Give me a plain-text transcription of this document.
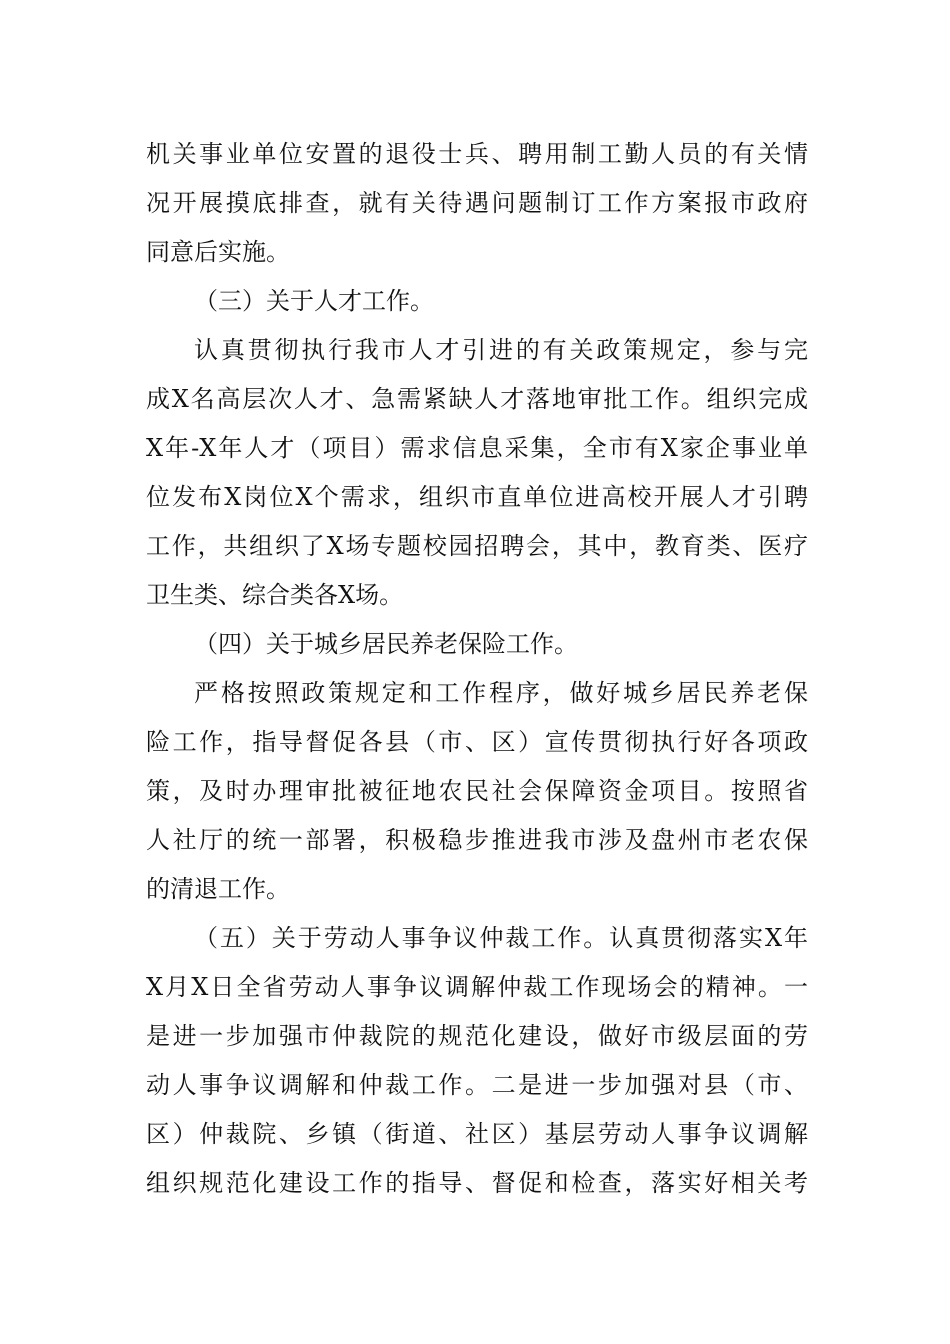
机关事业单位安置的退役士兵、聘用制工勤人员的有关情
况开展摸底排查，就有关待遇问题制订工作方案报市政府
同意后实施。
（三）关于人才工作。
认真贯彻执行我市人才引进的有关政策规定，参与完
成X名高层次人才、急需紧缺人才落地审批工作。组织完成
X年-X年人才（项目）需求信息采集，全市有X家企事业单
位发布X岗位X个需求，组织市直单位进高校开展人才引聘
工作，共组织了X场专题校园招聘会，其中，教育类、医疗
卫生类、综合类各X场。
（四）关于城乡居民养老保险工作。
严格按照政策规定和工作程序，做好城乡居民养老保
险工作，指导督促各县（市、区）宣传贯彻执行好各项政
策，及时办理审批被征地农民社会保障资金项目。按照省
人社厅的统一部署，积极稳步推进我市涉及盘州市老农保
的清退工作。
（五）关于劳动人事争议仲裁工作。认真贯彻落实X年
X月X日全省劳动人事争议调解仲裁工作现场会的精神。一
是进一步加强市仲裁院的规范化建设，做好市级层面的劳
动人事争议调解和仲裁工作。二是进一步加强对县（市、
区）仲裁院、乡镇（街道、社区）基层劳动人事争议调解
组织规范化建设工作的指导、督促和检查，落实好相关考
